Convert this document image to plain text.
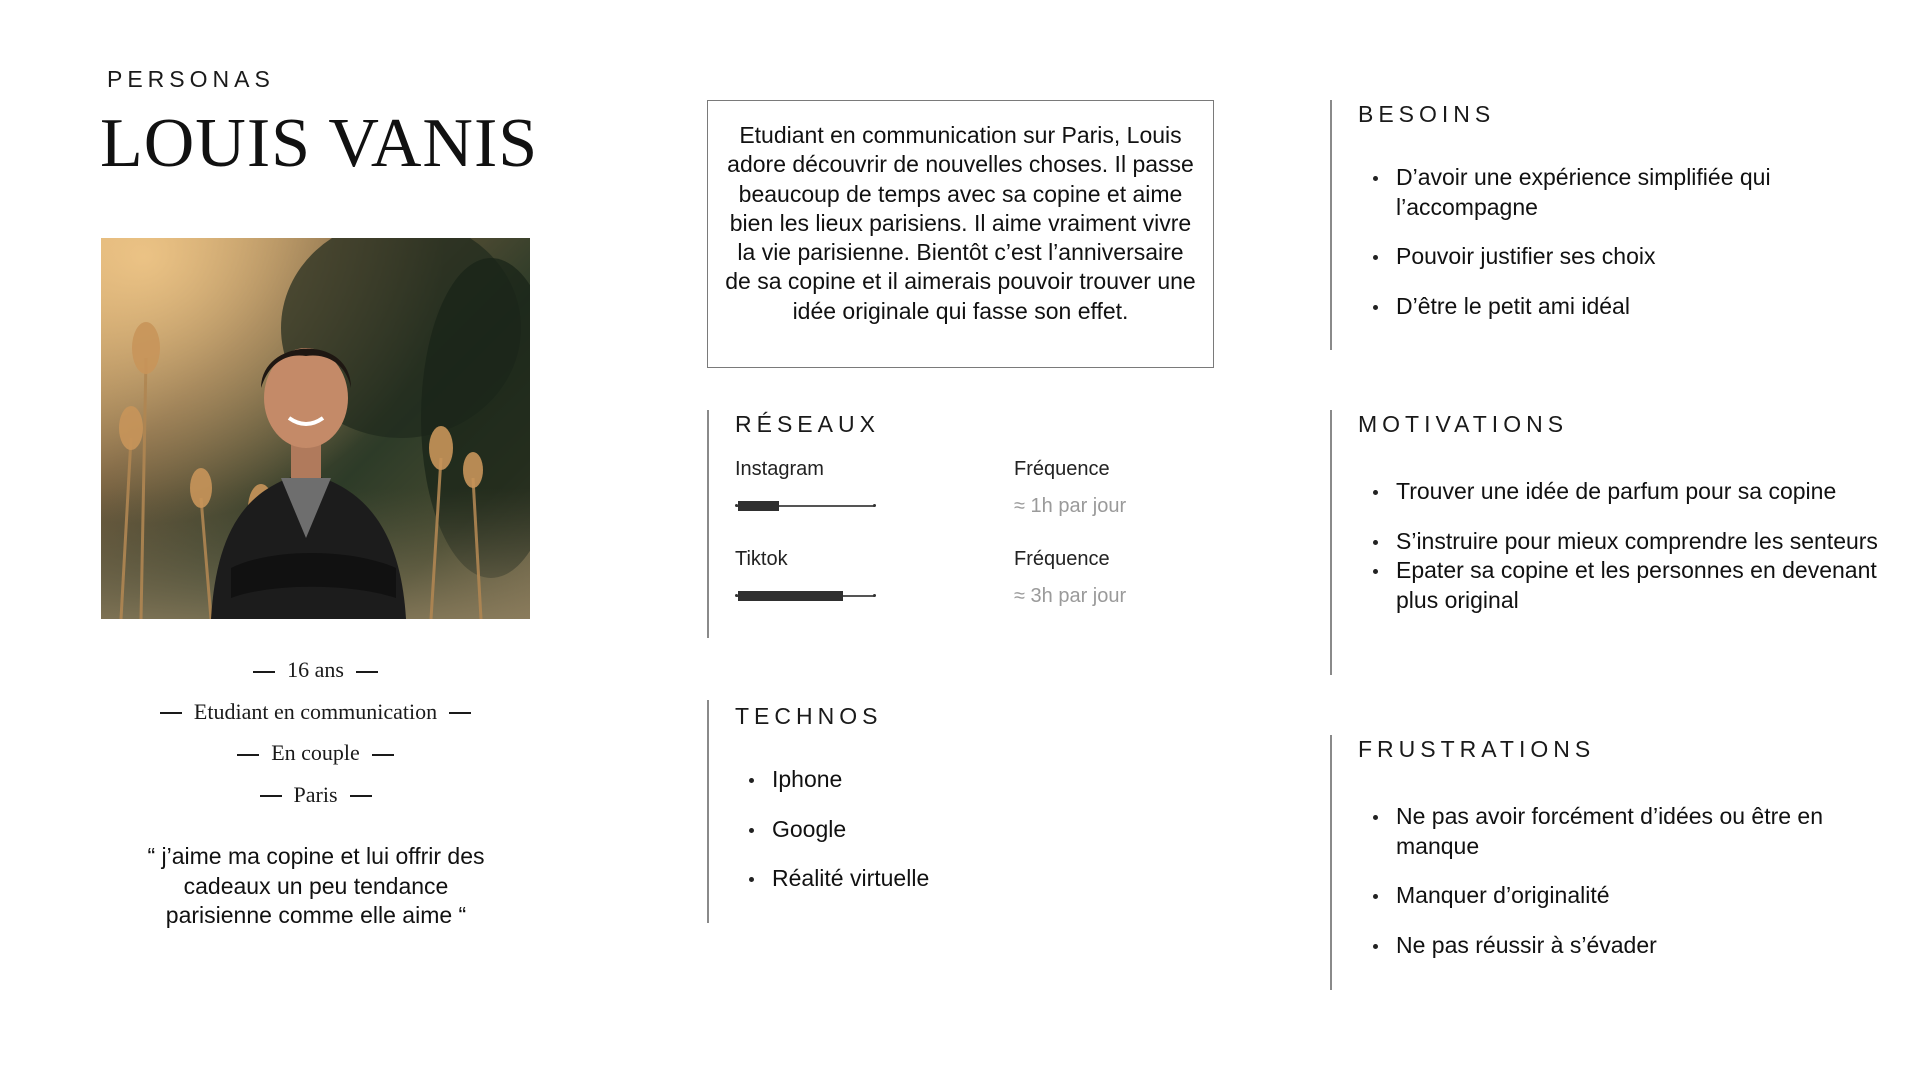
PERSONAS
LOUIS VANIS
16 ans
Etudiant en communication
En couple
Paris
“ j’aime ma copine et lui offrir des cadeaux un peu tendance parisienne comme elle aime “
Etudiant en communication sur Paris, Louis adore découvrir de nouvelles choses. Il passe beaucoup de temps avec sa copine et aime bien les lieux parisiens. Il aime vraiment vivre la vie parisienne. Bientôt c’est l’anniversaire de sa copine et il aimerais pouvoir trouver une idée originale qui fasse son effet.
RÉSEAUX
Instagram	Fréquence
≈ 1h par jour
Tiktok	Fréquence
≈ 3h par jour
TECHNOS
Iphone
Google
Réalité virtuelle
BESOINS
D’avoir une expérience simplifiée qui l’accompagne
Pouvoir justifier ses choix
D’être le petit ami idéal
MOTIVATIONS
Trouver une idée de parfum pour sa copine
S’instruire pour mieux comprendre les senteurs
Epater sa copine et les personnes en devenant plus original
FRUSTRATIONS
Ne pas avoir forcément d’idées ou être en manque
Manquer d’originalité
Ne pas réussir à s’évader
